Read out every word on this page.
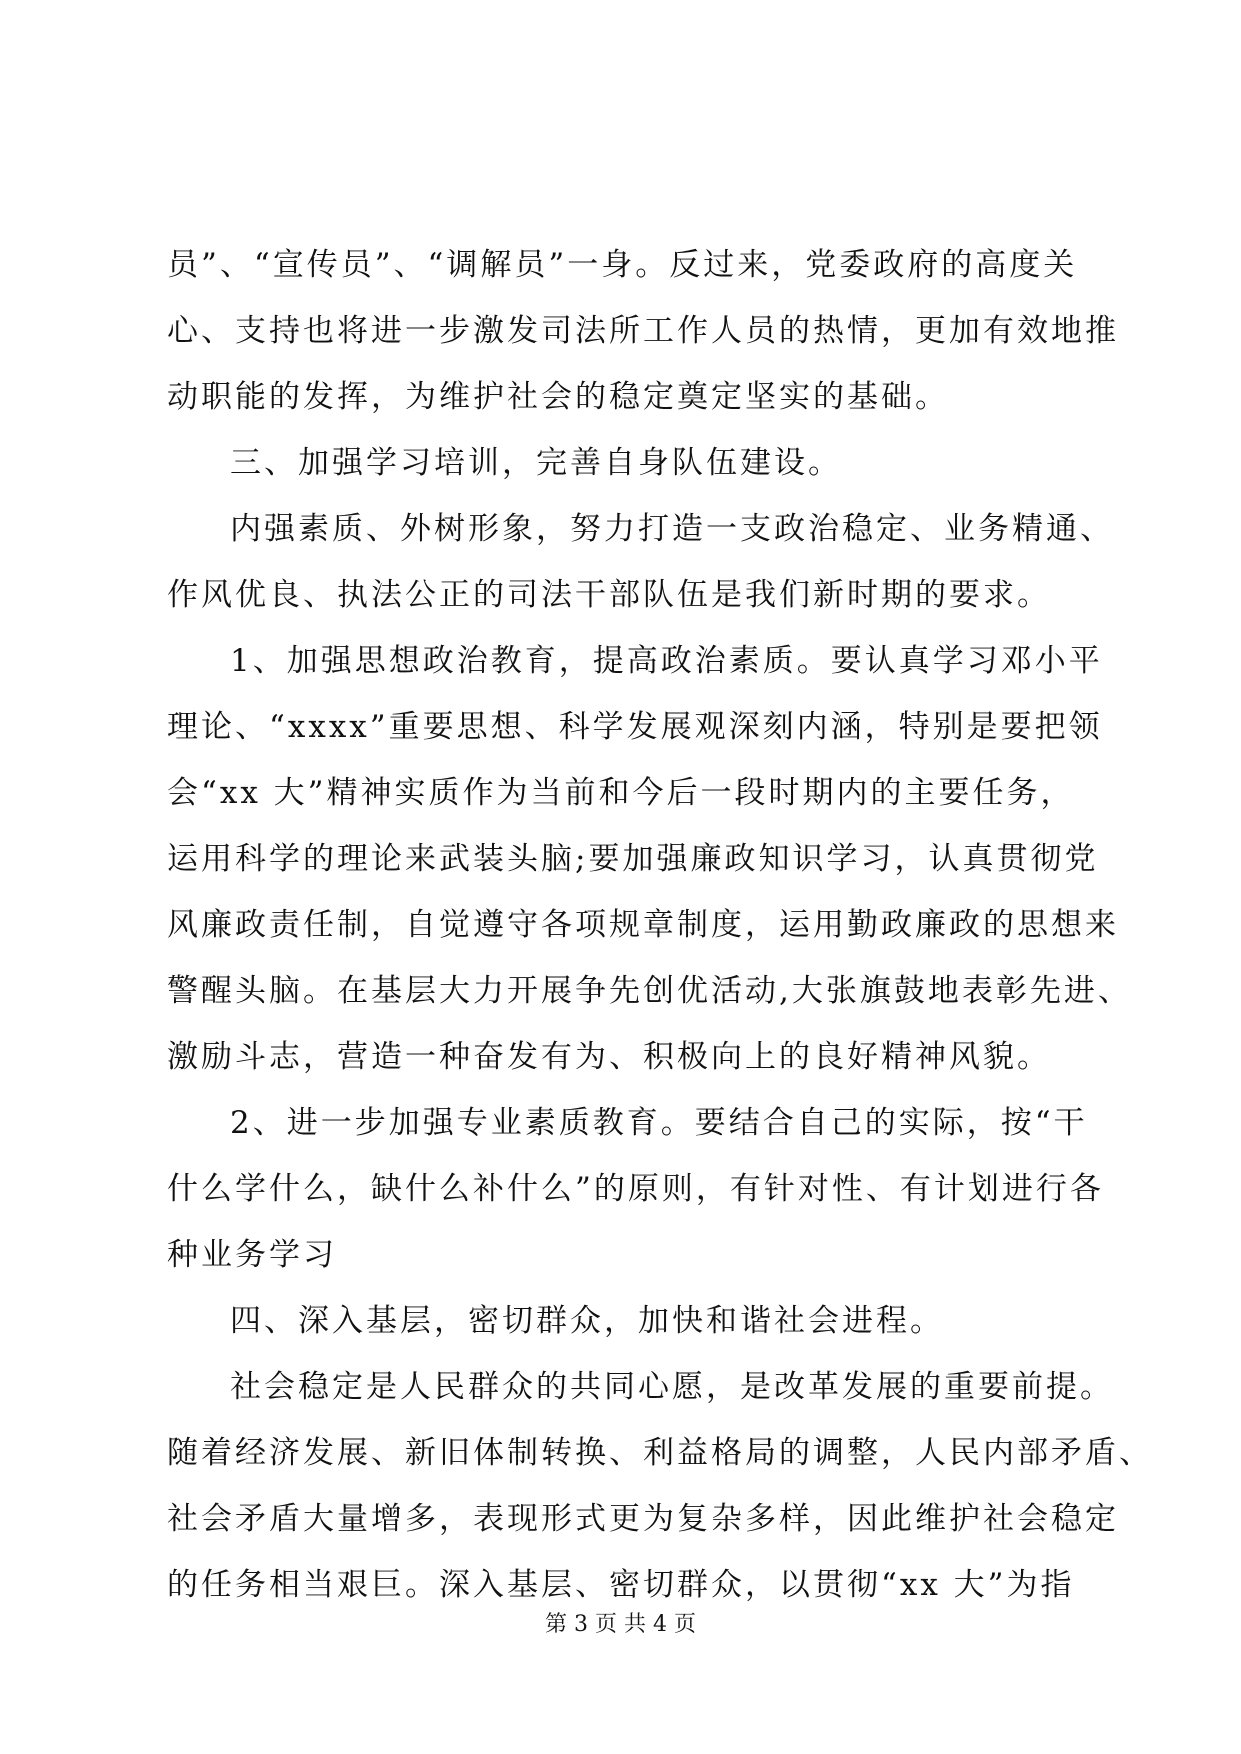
员”、“宣传员”、“调解员”一身。反过来，党委政府的高度关

心、支持也将进一步激发司法所工作人员的热情，更加有效地推

动职能的发挥，为维护社会的稳定奠定坚实的基础。

三、加强学习培训，完善自身队伍建设。

内强素质、外树形象，努力打造一支政治稳定、业务精通、

作风优良、执法公正的司法干部队伍是我们新时期的要求。

1、加强思想政治教育，提高政治素质。要认真学习邓小平

理论、“xxxx”重要思想、科学发展观深刻内涵，特别是要把领

会“xx 大”精神实质作为当前和今后一段时期内的主要任务，

运用科学的理论来武装头脑;要加强廉政知识学习，认真贯彻党

风廉政责任制，自觉遵守各项规章制度，运用勤政廉政的思想来

警醒头脑。在基层大力开展争先创优活动,大张旗鼓地表彰先进、

激励斗志，营造一种奋发有为、积极向上的良好精神风貌。

2、进一步加强专业素质教育。要结合自己的实际，按“干

什么学什么，缺什么补什么”的原则，有针对性、有计划进行各

种业务学习

四、深入基层，密切群众，加快和谐社会进程。

社会稳定是人民群众的共同心愿，是改革发展的重要前提。

随着经济发展、新旧体制转换、利益格局的调整，人民内部矛盾、

社会矛盾大量增多，表现形式更为复杂多样，因此维护社会稳定

的任务相当艰巨。深入基层、密切群众，以贯彻“xx 大”为指

第 3 页 共 4 页
